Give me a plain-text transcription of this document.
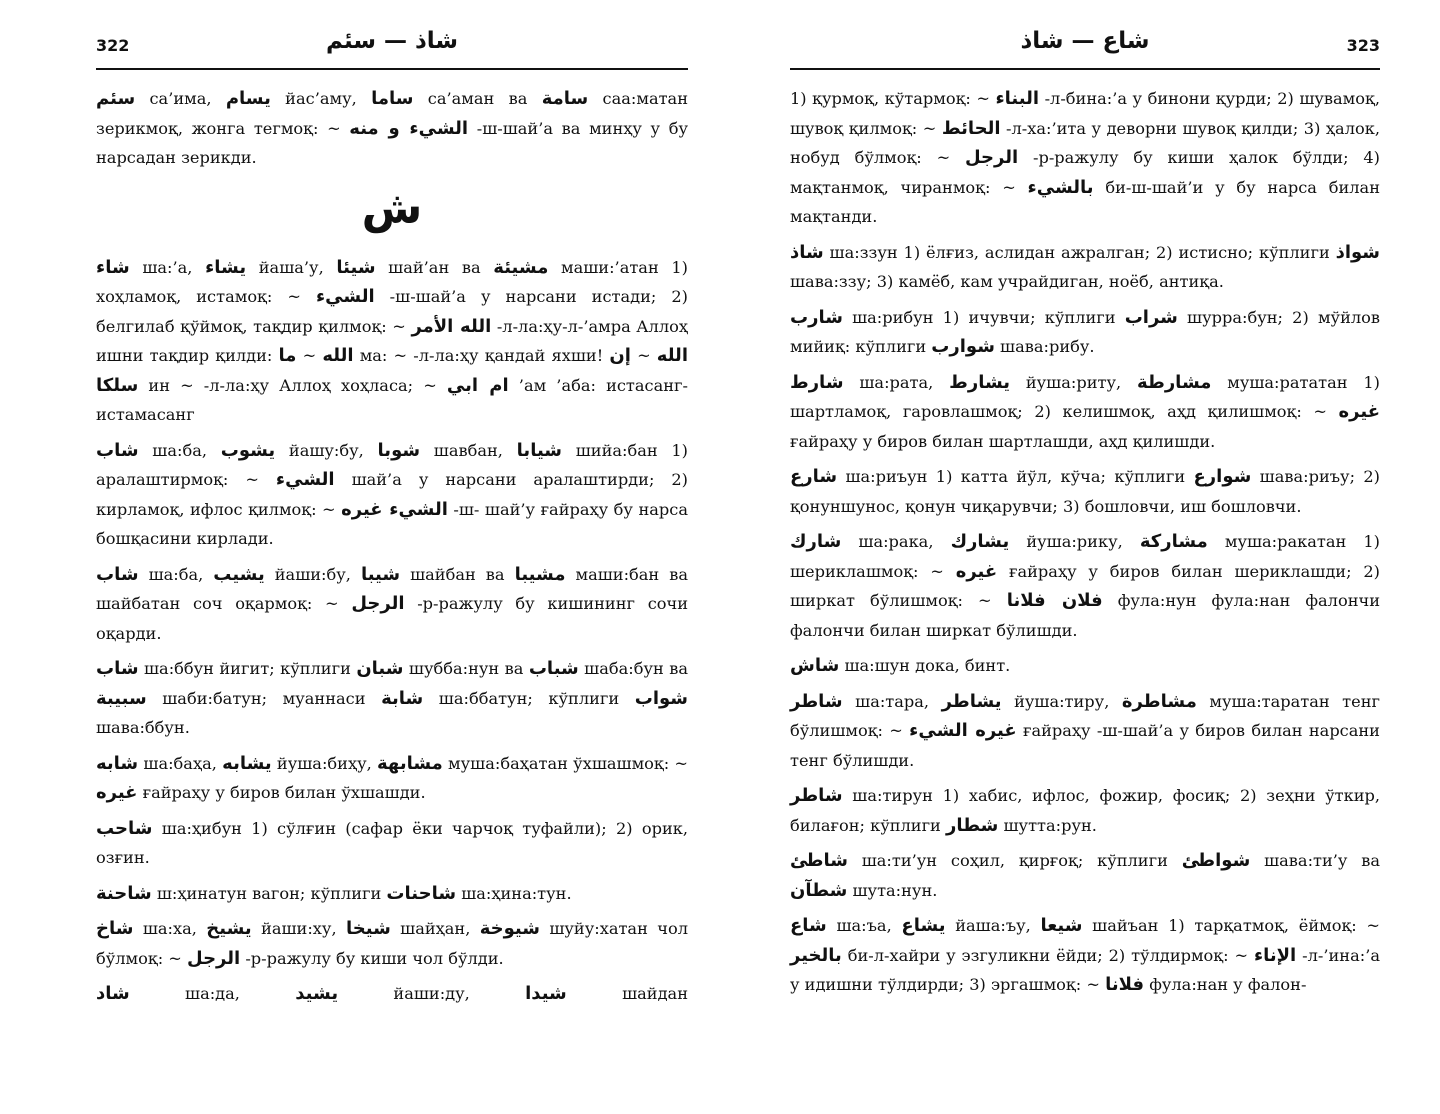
322	شاذ — سئم

سئم са’има, يسام йас’аму, ساما са’аман ва سامة саа:матан зерикмоқ, жонга тегмоқ: ~ الشيء و منه -ш-шай’а ва минҳу у бу нарсадан зерикди.

ش

شاء ша:’а, يشاء йаша’у, شيئا шай’ан ва مشيئة маши:’атан 1) хоҳламоқ, истамоқ: ~ الشيء -ш-шай’а у нарсани истади; 2) белгилаб қўймоқ, тақдир қилмоқ: ~ الله الأمر -л-ла:ҳу-л-’амра Аллоҳ ишни тақдир қилди: ما ~ الله ма: ~ -л-ла:ҳу қандай яхши! إن ~ الله سلكا ин ~ -л-ла:ҳу Аллоҳ хоҳласа; ~ ام ابي ’ам ’аба: истасанг-истамасанг

شاب ша:ба, يشوب йашу:бу, شوبا шавбан, شيابا шийа:бан 1) аралаштирмоқ: ~ الشيء шай’а у нарсани аралаштирди; 2) кирламоқ, ифлос қилмоқ: ~ الشيء غيره -ш- шай’у ғайраҳу бу нарса бошқасини кирлади.

شاب ша:ба, يشيب йаши:бу, شيبا шайбан ва مشيبا маши:бан ва шайбатан соч оқармоқ: ~ الرجل -р-ражулу бу кишининг сочи оқарди.

شاب ша:ббун йигит; кўплиги شبان шубба:нун ва شباب шаба:бун ва سبيبة шаби:батун; муаннаси شابة ша:ббатун; кўплиги شواب шава:ббун.

شابه ша:баҳа, يشابه йуша:биҳу, مشابهة муша:баҳатан ўхшашмоқ: ~ غيره ғайраҳу у биров билан ўхшашди.

شاحب ша:ҳибун 1) сўлғин (сафар ёки чарчоқ туфайли); 2) орик, озғин.

شاحنة ш:ҳинатун вагон; кўплиги شاحنات ша:ҳина:тун.

شاخ ша:ха, يشيخ йаши:ху, شيخا шайҳан, شيوخة шуйу:хатан чол бўлмоқ: ~ الرجل -р-ражулу бу киши чол бўлди.

شاد ша:да, يشيد йаши:ду, شيدا шайдан

شاع — شاذ	323

1) қурмоқ, кўтармоқ: ~ البناء -л-бина:’а у бинони қурди; 2) шувамоқ, шувоқ қилмоқ: ~ الحائط -л-ха:’ита у деворни шувоқ қилди; 3) ҳалок, нобуд бўлмоқ: ~ الرجل -р-ражулу бу киши ҳалок бўлди; 4) мақтанмоқ, чиранмоқ: ~ بالشيء би-ш-шай’и у бу нарса билан мақтанди.

شاذ ша:ззун 1) ёлғиз, аслидан ажралган; 2) истисно; кўплиги شواذ шава:ззу; 3) камёб, кам учрайдиган, ноёб, антиқа.

شارب ша:рибун 1) ичувчи; кўплиги شراب шурра:бун; 2) мўйлов мийиқ: кўплиги شوارب шава:рибу.

شارط ша:рата, يشارط йуша:риту, مشارطة муша:рататан 1) шартламоқ, гаровлашмоқ; 2) келишмоқ, аҳд қилишмоқ: ~ غيره ғайраҳу у биров билан шартлашди, аҳд қилишди.

شارع ша:риъун 1) катта йўл, кўча; кўплиги شوارع шава:риъу; 2) қонуншунос, қонун чиқарувчи; 3) бошловчи, иш бошловчи.

شارك ша:рака, يشارك йуша:рику, مشاركة муша:ракатан 1) шериклашмоқ: ~ غيره ғайраҳу у биров билан шериклашди; 2) ширкат бўлишмоқ: ~ فلان فلانا фула:нун фула:нан фалончи фалончи билан ширкат бўлишди.

شاش ша:шун дока, бинт.

شاطر ша:тара, يشاطر йуша:тиру, مشاطرة муша:таратан тенг бўлишмоқ: ~ غيره الشيء ғайраҳу -ш-шай’а у биров билан нарсани тенг бўлишди.

شاطر ша:тирун 1) хабис, ифлос, фожир, фосиқ; 2) зеҳни ўткир, билағон; кўплиги شطار шутта:рун.

شاطئ ша:ти’ун соҳил, қирғоқ; кўплиги شواطئ шава:ти’у ва شطآن шута:нун.

شاع ша:ъа, يشاع йаша:ъу, شيعا шайъан 1) тарқатмоқ, ёймоқ: ~ بالخير би-л-хайри у эзгуликни ёйди; 2) тўлдирмоқ: ~ الإناء -л-’ина:’а у идишни тўлдирди; 3) эргашмоқ: ~ فلانا фула:нан у фалон-
